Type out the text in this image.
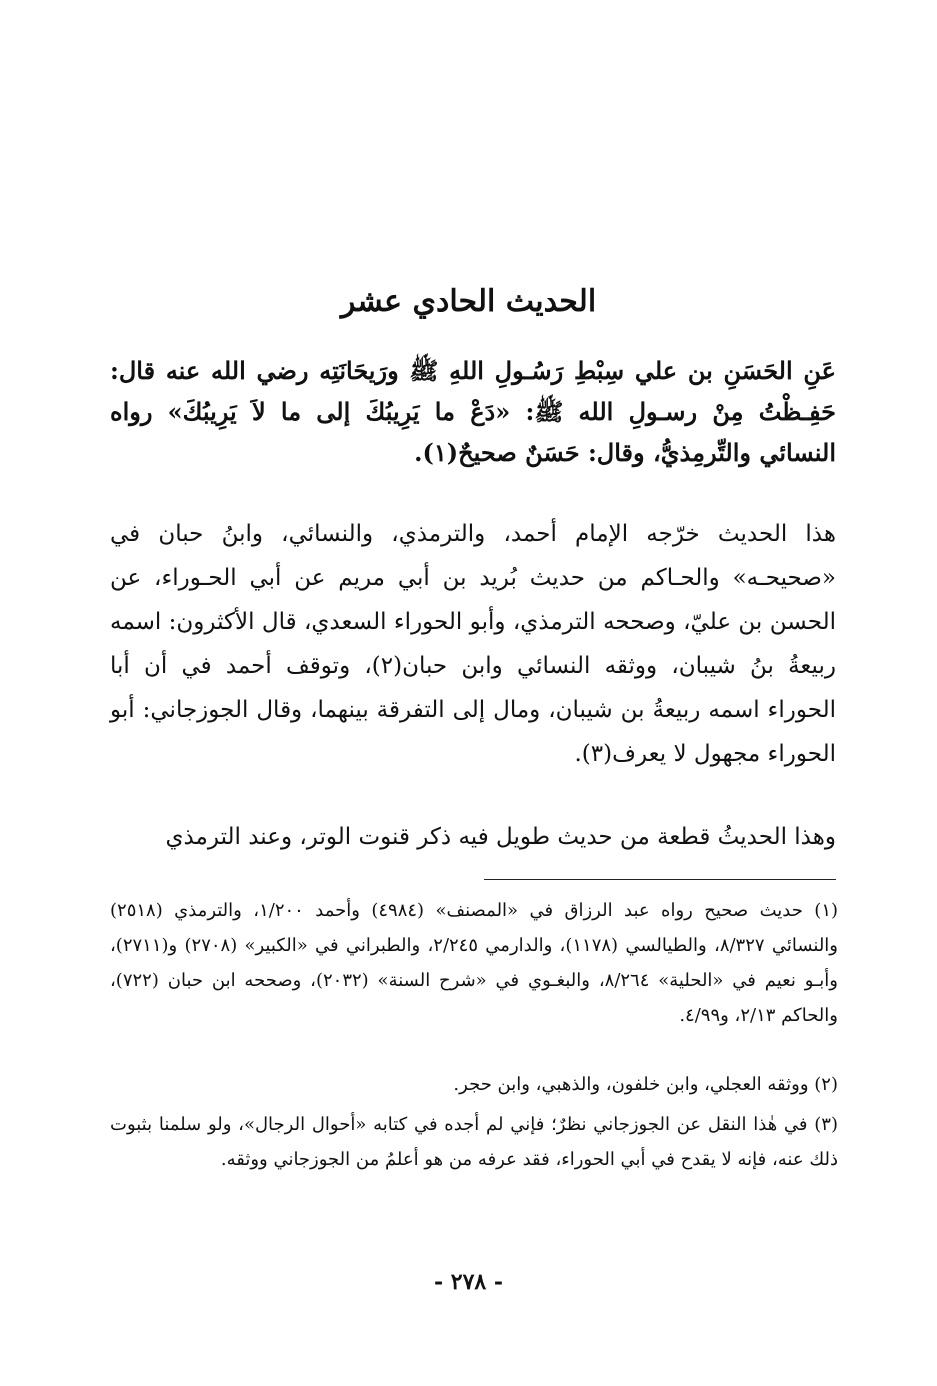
الحديث الحادي عشر
عَنِ الحَسَنِ بن علي سِبْطِ رَسُـولِ اللهِ ﷺ ورَيحَانَتِه رضي الله عنه قال: حَفِـظْتُ مِنْ رسـولِ الله ﷺ: «دَعْ ما يَرِيبُكَ إلى ما لاَ يَرِيبُكَ» رواه النسائي والتِّرمِذيُّ، وقال: حَسَنٌ صحيحٌ(١).
هذا الحديث خرّجه الإمام أحمد، والترمذي، والنسائي، وابنُ حبان في «صحيحـه» والحـاكم من حديث بُريد بن أبي مريم عن أبي الحـوراء، عن الحسن بن عليّ، وصححه الترمذي، وأبو الحوراء السعدي، قال الأكثرون: اسمه ربيعةُ بنُ شيبان، ووثقه النسائي وابن حبان(٢)، وتوقف أحمد في أن أبا الحوراء اسمه ربيعةُ بن شيبان، ومال إلى التفرقة بينهما، وقال الجوزجاني: أبو الحوراء مجهول لا يعرف(٣).
وهذا الحديثُ قطعة من حديث طويل فيه ذكر قنوت الوتر، وعند الترمذي
(١) حديث صحيح رواه عبد الرزاق في «المصنف» (٤٩٨٤) وأحمد ١/٢٠٠، والترمذي (٢٥١٨) والنسائي ٨/٣٢٧، والطيالسي (١١٧٨)، والدارمي ٢/٢٤٥، والطبراني في «الكبير» (٢٧٠٨) و(٢٧١١)، وأبـو نعيم في «الحلية» ٨/٢٦٤، والبغـوي في «شرح السنة» (٢٠٣٢)، وصححه ابن حبان (٧٢٢)، والحاكم ٢/١٣، و٤/٩٩.
(٢) ووثقه العجلي، وابن خلفون، والذهبي، وابن حجر.
(٣) في هٰذا النقل عن الجوزجاني نظرٌ؛ فإني لم أجده في كتابه «أحوال الرجال»، ولو سلمنا بثبوت ذلك عنه، فإنه لا يقدح في أبي الحوراء، فقد عرفه من هو أعلمُ من الجوزجاني ووثقه.
- ٢٧٨ -
